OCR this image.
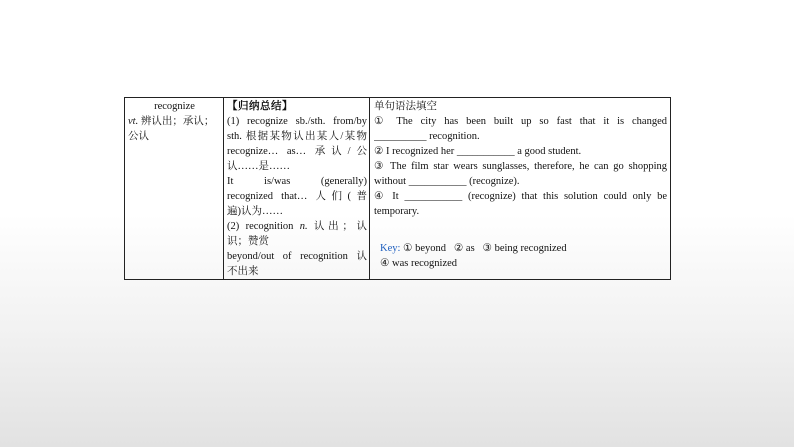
recognize
vt. 辨认出；承认；
公认

【归纳总结】
(1) recognize sb./sth. from/by
sth. 根据某物认出某人/某物
recognize… as… 承认/公
认……是……
It is/was (generally)
recognized that… 人们(普
遍)认为……
(2) recognition n. 认出；认
识；赞赏
beyond/out of recognition 认
不出来

单句语法填空
① The city has been built up so fast that it is changed
__________ recognition.
② I recognized her ___________ a good student.
③ The film star wears sunglasses, therefore, he can go shopping
without ___________ (recognize).
④ It ___________ (recognize) that this solution could only be
temporary.
Key: ① beyond   ② as   ③ being recognized
④ was recognized
